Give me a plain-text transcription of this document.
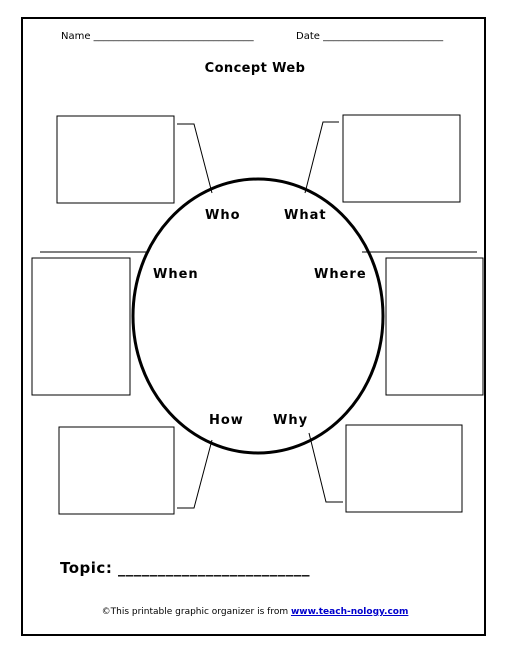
Name ________________________________	Date ________________________
Concept Web
Who	What
When	Where
How Why
Topic: ________________________
©This printable graphic organizer is from www.teach-nology.com
